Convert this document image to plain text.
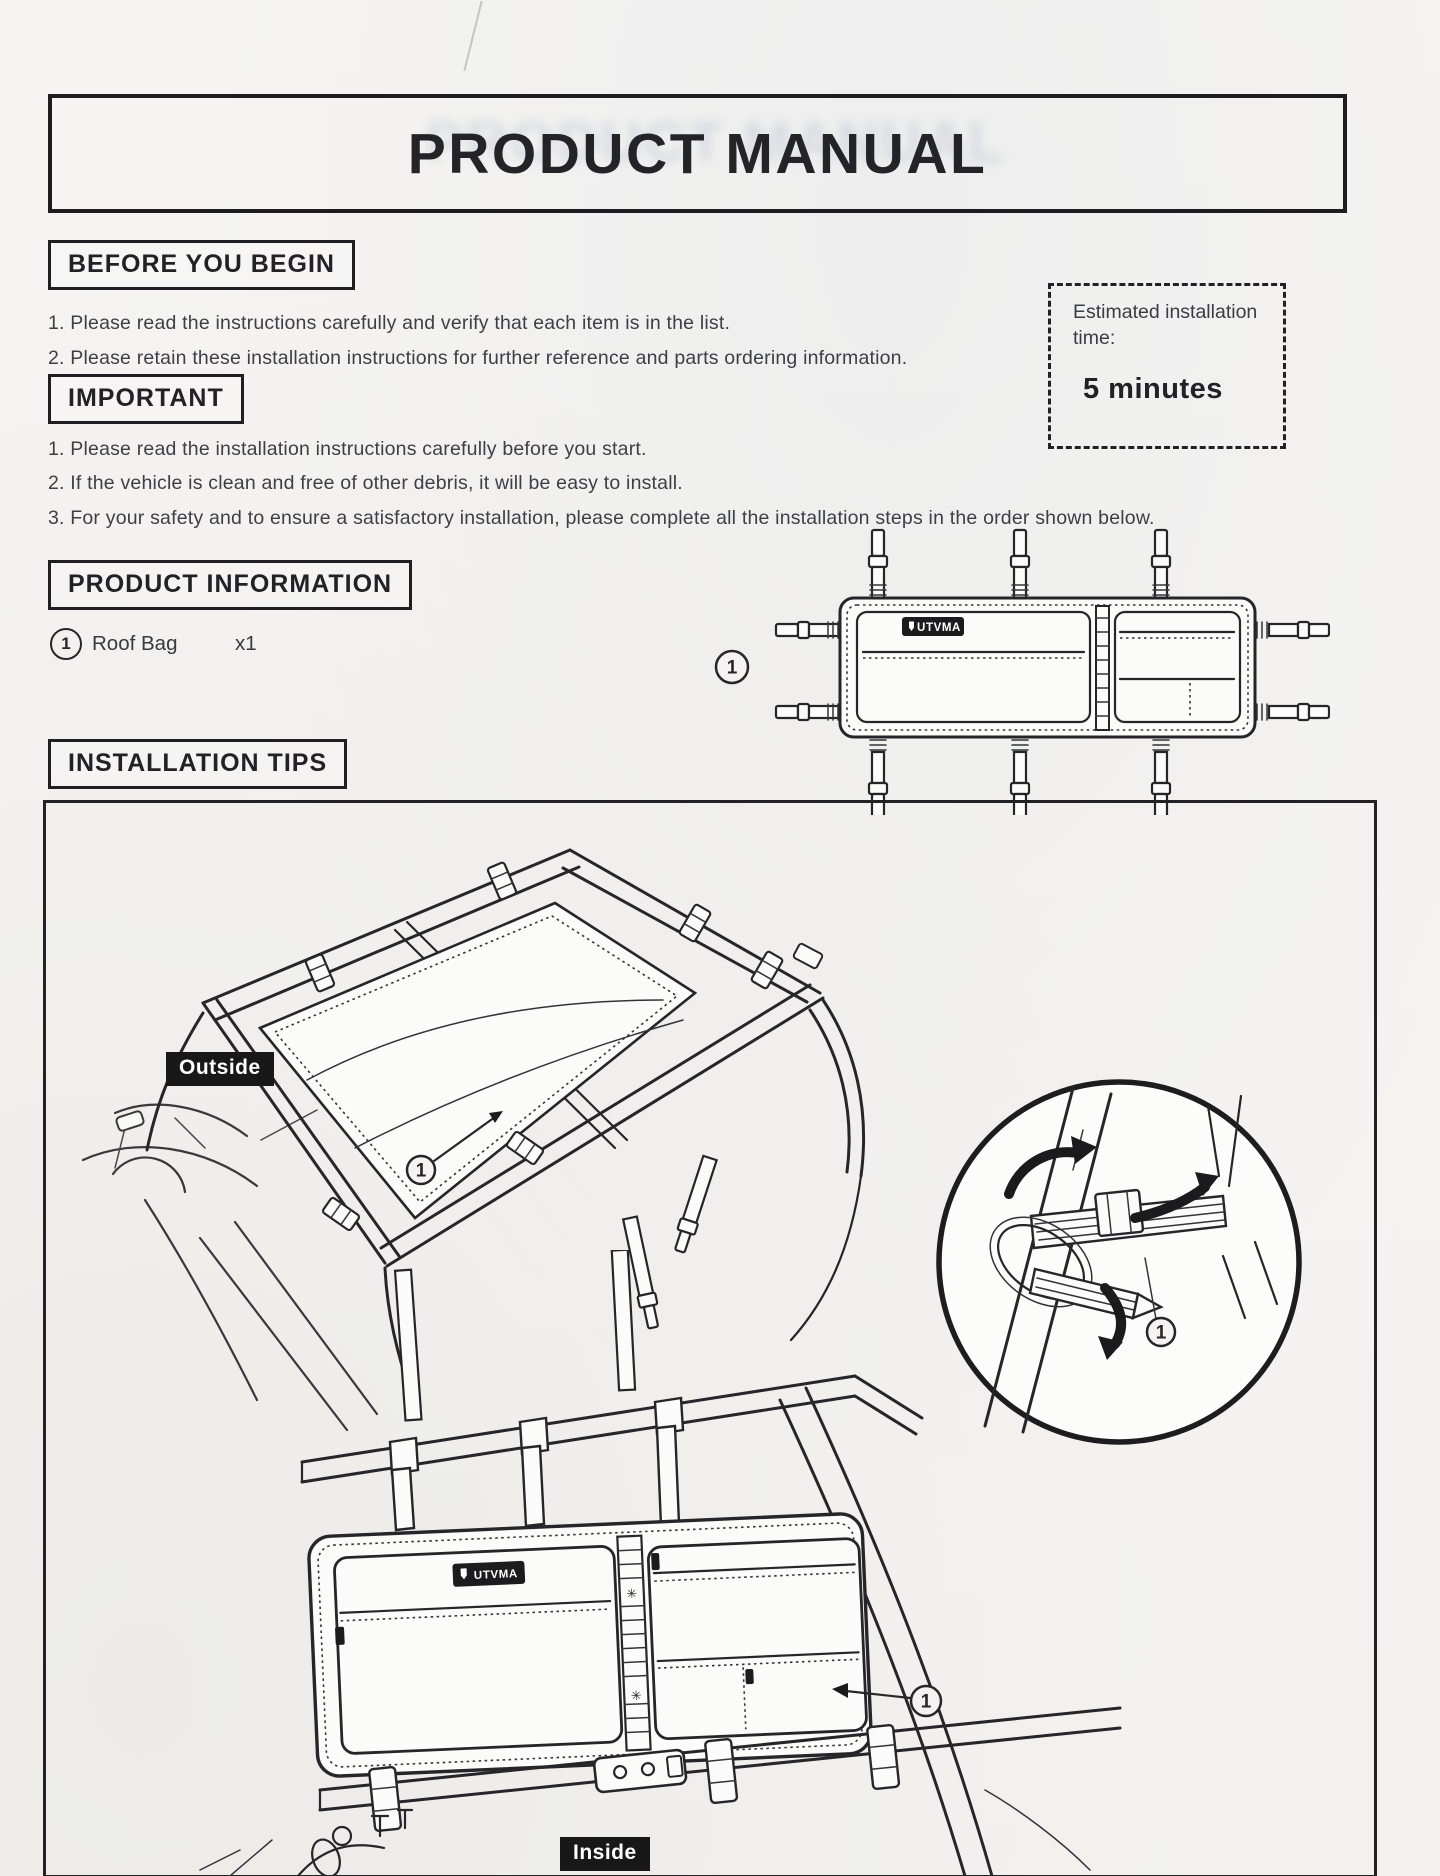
PRODUCT MANUAL
BEFORE YOU BEGIN

1. Please read the instructions carefully and verify that each item is in the list.

2. Please retain these installation instructions for further reference and parts ordering information.

IMPORTANT

1. Please read the installation instructions carefully before you start.

2. If the vehicle is clean and free of other debris, it will be easy to install.

3. For your safety and to ensure a satisfactory installation, please complete all the installation steps in the order shown below.

Estimated installation
time:
5 minutes
PRODUCT INFORMATION
1	Roof Bag	x1
UTVMA
1
INSTALLATION TIPS
1
Outside
1
UTVMA
✳
✳	1
Inside
